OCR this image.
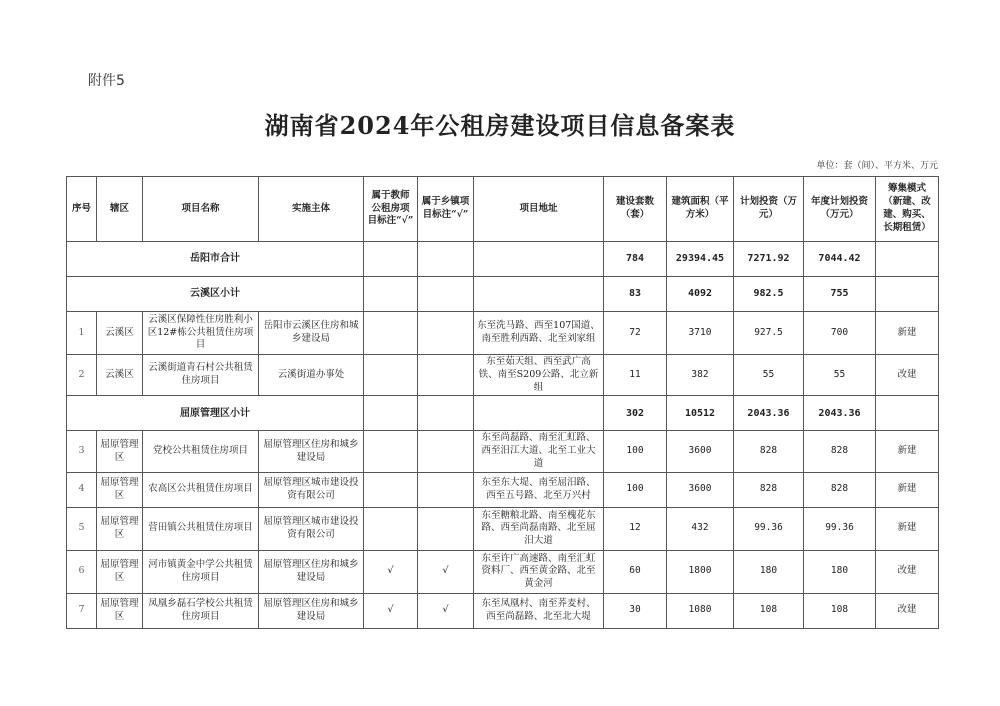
附件5
湖南省2024年公租房建设项目信息备案表
单位：套（间）、平方米、万元
序号	辖区	项目名称	实施主体	属于教师公租房项目标注“√”	属于乡镇项目标注“√”	项目地址	建设套数（套）	建筑面积（平方米）	计划投资（万元）	年度计划投资（万元）	筹集模式（新建、改建、购买、长期租赁）
岳阳市合计							784	29394.45	7271.92	7044.42	
云溪区小计							83	4092	982.5	755	
1	云溪区	云溪区保障性住房胜利小区12#栋公共租赁住房项目	岳阳市云溪区住房和城乡建设局			东至洗马路、西至107国道、南至胜利西路、北至刘家组	72	3710	927.5	700	新建
2	云溪区	云溪街道青石村公共租赁住房项目	云溪街道办事处			东至茹天组、西至武广高铁、南至S209公路、北立新组	11	382	55	55	改建
屈原管理区小计							302	10512	2043.36	2043.36	
3	屈原管理区	党校公共租赁住房项目	屈原管理区住房和城乡建设局			东至尚磊路、南至汇虹路、西至汨江大道、北至工业大道	100	3600	828	828	新建
4	屈原管理区	农高区公共租赁住房项目	屈原管理区城市建设投资有限公司			东至东大堤、南至屈汨路、西至五号路、北至万兴村	100	3600	828	828	新建
5	屈原管理区	营田镇公共租赁住房项目	屈原管理区城市建设投资有限公司			东至糖粮北路、南至槐花东路、西至尚磊南路、北至屈汨大道	12	432	99.36	99.36	新建
6	屈原管理区	河市镇黄金中学公共租赁住房项目	屈原管理区住房和城乡建设局	√	√	东至许广高速路、南至汇虹资料厂、西至黄金路、北至黄金河	60	1800	180	180	改建
7	屈原管理区	凤凰乡磊石学校公共租赁住房项目	屈原管理区住房和城乡建设局	√	√	东至凤凰村、南至荞麦村、西至尚磊路、北至北大堤	30	1080	108	108	改建
